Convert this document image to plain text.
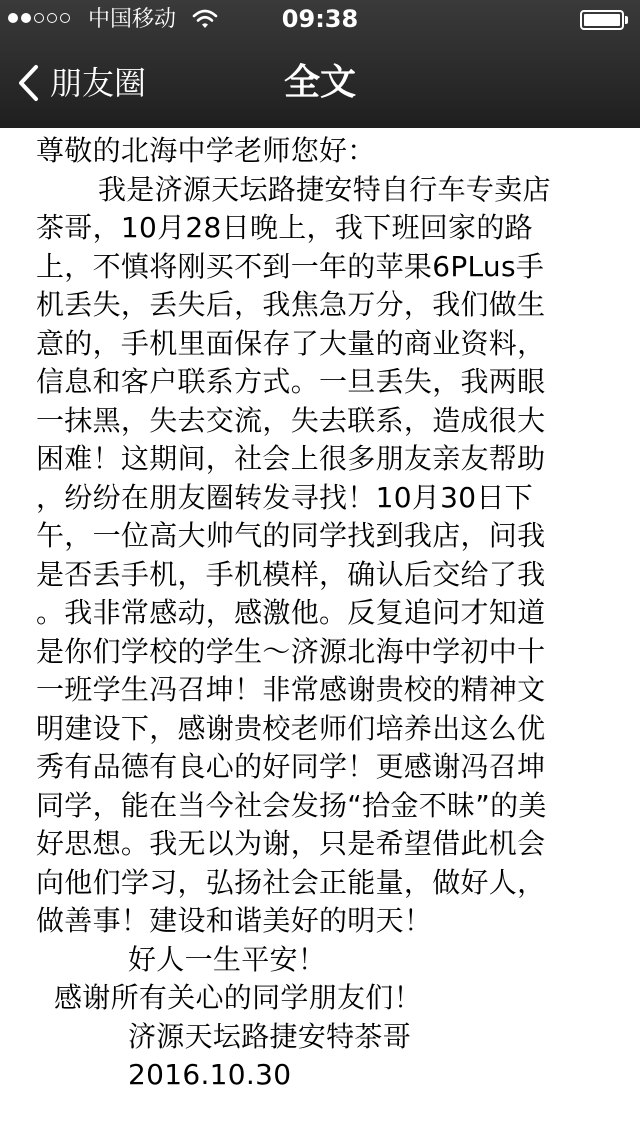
中国移动	09:38
朋友圈	全文

尊敬的北海中学老师您好：

我是济源天坛路捷安特自行车专卖店

茶哥，10月28日晚上，我下班回家的路

上，不慎将刚买不到一年的苹果6PLus手

机丢失，丢失后，我焦急万分，我们做生

意的，手机里面保存了大量的商业资料，

信息和客户联系方式。一旦丢失，我两眼

一抹黑，失去交流，失去联系，造成很大

困难！这期间，社会上很多朋友亲友帮助

，纷纷在朋友圈转发寻找！10月30日下

午，一位高大帅气的同学找到我店，问我

是否丢手机，手机模样，确认后交给了我

。我非常感动，感激他。反复追问才知道

是你们学校的学生～济源北海中学初中十

一班学生冯召坤！非常感谢贵校的精神文

明建设下，感谢贵校老师们培养出这么优

秀有品德有良心的好同学！更感谢冯召坤

同学，能在当今社会发扬“拾金不昧”的美

好思想。我无以为谢，只是希望借此机会

向他们学习，弘扬社会正能量，做好人，

做善事！建设和谐美好的明天！

好人一生平安！

感谢所有关心的同学朋友们！

济源天坛路捷安特茶哥

2016.10.30
